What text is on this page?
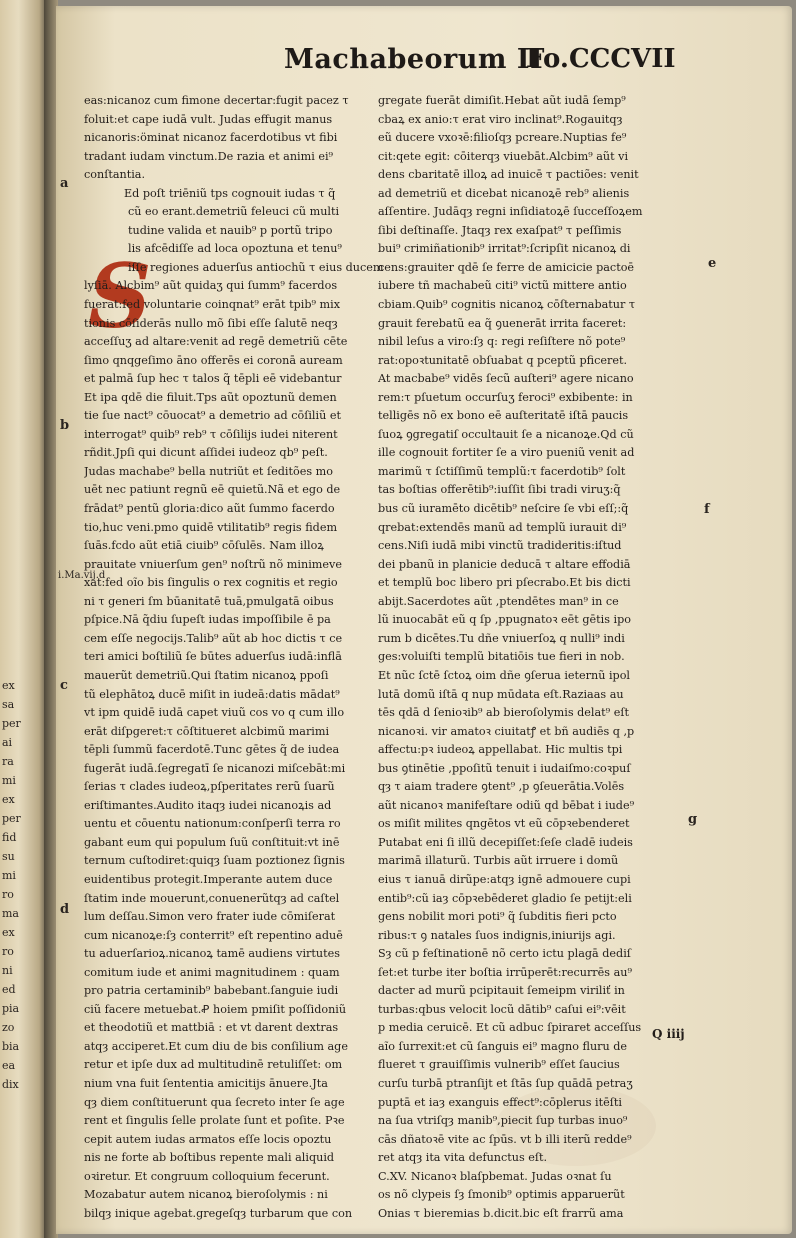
ex
sa
per
ai
ra
mi
ex
per
fid
su
mi
ro
ma
ex
ro
ni
ed
pia
zo
bia
ea
dix
Machabeorum II
Fo.CCCVII
S
eas:nicanoz cum fimone decertar:fugit pacez τ
foluit:et cape iudā vult. Judas effugit manus
nicanoris:öminat nicanoz facerdotibus vt fibi
tradant iudam vinctum.De razia et animi ei⁹
conſtantia.
Ed poſt triēniũ tps cognouit iudas τ q̃
cũ eo erant.demetriũ feleuci cũ multi
tudine valida et nauib⁹ p portũ tripo
lis afcēdiſſe ad loca opoztuna et tenu⁹
iſſe regiones aduerſus antiochũ τ eius ducem
lyſiā. Alcbim⁹ aũt quidaʒ qui ſumm⁹ facerdos
fuerat:fed voluntarie coinqnat⁹ erāt tpib⁹ mix
tionis cōſiderās nullo mõ ſibi eſſe ſalutē neqȝ
acceſſuʒ ad altare:venit ad regē demetriũ cēte
ſimo qnqgeſimo āno offerēs ei coronā auream
et palmā ſup hec τ talos q̃ tēpli eē videbantur
Et ipa qdē die filuit.Tps aũt opoztunũ demen
tie ſue nact⁹ cōuocat⁹ a demetrio ad cōſiliũ et
interrogat⁹ quib⁹ reb⁹ τ cōſilijs iudei niterent
rñdit.Jpſi qui dicunt aſſidei iudeoz qb⁹ peſt.
Judas machabe⁹ bella nutriũt et ſeditões mo
uēt nec patiunt regnũ eē quietũ.Nã et ego de
frādat⁹ pentũ gloria:dico aũt ſummo facerdo
tio,huc veni.pmo quidē vtilitatib⁹ regis fidem
ſuās.fcdo aũt etiā ciuib⁹ cōſulēs. Nam illoꝝ
prauitate vniuerſum gen⁹ noſtrũ nõ minimeve
xat:fed oĩo bis ſingulis o rex cognitis et regio
ni τ generi ſm būanitatē tuā,pmulgatā oibus
pſpice.Nā q̃diu ſupeſt iudas impoſſibile ē pa
cem eſſe negocijs.Talib⁹ aũt ab hoc dictis τ ce
teri amici boſtiliũ ſe būtes aduerſus iudā:inflā
mauerũt demetriũ.Qui ſtatim nicanoꝝ ppoſi
tũ elephātoꝝ ducē miſit in iudeā:datis mādat⁹
vt ipm quidē iudā capet viuũ cos vo q cum illo
erāt diſpgeret:τ cōſtitueret alcbimũ marimi
tēpli ſummũ facerdotē.Tunc gētes q̃ de iudea
fugerāt iudā.ſegregatī ſe nicanozi miſcebāt:mi
ſerias τ clades iudeoꝝ,pſperitates rerũ ſuarũ
eriſtimantes.Audito itaqȝ iudei nicanoꝝis ad
uentu et cōuentu nationum:conſperſi terra ro
gabant eum qui populum ſuũ conſtituit:vt inē
ternum cuſtodiret:quiqȝ ſuam poztionez ſignis
euidentibus protegit.Imperante autem duce
ſtatim inde mouerunt,conuenerũtqȝ ad caſtel
lum deſſau.Simon vero frater iude cōmiſerat
cum nicanoꝝe:ſȝ conterrit⁹ eſt repentino aduē
tu aduerſarioꝝ.nicanoꝝ tamē audiens virtutes
comitum iude et animi magnitudinem : quam
pro patria certaminib⁹ babebant.ſanguie iudi
ciũ facere metuebat.Ꝓ hoiem pmiſit poſſidoniũ
et theodotiũ et mattbiā : et vt darent dextras
atqȝ acciperet.Et cum diu de bis conſilium age
retur et ipſe dux ad multitudinē retuliſſet: om
nium vna fuit ſententia amicitijs ānuere.Jta
qȝ diem conſtituerunt qua ſecreto inter ſe age
rent et ſingulis ſelle prolate ſunt et poſite. Pꝛe
cepit autem iudas armatos eſſe locis opoztu
nis ne forte ab boſtibus repente mali aliquid
oꝛiretur. Et congruum colloquium fecerunt.
Mozabatur autem nicanoꝝ bieroſolymis : ni
bilqȝ inique agebat.gregeſqȝ turbarum que con
gregate fuerāt dimiſit.Hebat aũt iudā ſemp⁹
cbaꝝ ex anio:τ erat viro inclinat⁹.Rogauitqȝ
eũ ducere vxoꝛē:filioſqȝ pcreare.Nuptias fe⁹
cit:qete egit: cōiterqȝ viuebāt.Alcbim⁹ aũt vi
dens cbaritatē illoꝝ ad inuicē τ pactiões: venit
ad demetriũ et dicebat nicanoꝝē reb⁹ alienis
aſſentire. Judāqȝ regni inſidiatoꝝē ſucceſſoꝝem
ſibi deſtinaſſe. Jtaqȝ rex exaſpat⁹ τ peſſimis
bui⁹ crimiñationib⁹ irritat⁹:ſcripſit nicanoꝝ di
cens:grauiter qdē ſe ferre de amicicie pactoē
iubere tñ machabeũ citi⁹ victũ mittere antio
cbiam.Quib⁹ cognitis nicanoꝝ cōſternabatur τ
grauit ferebatũ ea q̃ ꝯuenerāt irrita faceret:
nibil leſus a viro:ſȝ q: regi reſiſtere nõ pote⁹
rat:opoꝛtunitatē obſuabat q pceptũ pficeret.
At macbabe⁹ vidēs ſecũ auſteri⁹ agere nicano
rem:τ pſuetum occurſuʒ feroci⁹ exbibente: in
telligēs nõ ex bono eē auſteritatē iſtā paucis
ſuoꝝ ꝯgregatiſ occultauit ſe a nicanoꝝe.Qd cũ
ille cognouit fortiter ſe a viro pueniũ venit ad
marimũ τ ſctiſſimũ templũ:τ facerdotib⁹ ſolt
tas boſtias offerētib⁹:iuſſit ſibi tradi viruʒ:q̃
bus cũ iuramēto dicētib⁹ neſcire ſe vbi eſſ;:q̃
qrebat:extendēs manũ ad templũ iurauit di⁹
cens.Niſi iudā mibi vinctũ tradideritis:iſtud
dei pbanũ in planicie deducā τ altare effodiā
et templũ boc libero pri pſecrabo.Et bis dicti
abijt.Sacerdotes aũt ,ptendētes man⁹ in ce
lũ inuocabāt eũ q ſp ,ppugnatoꝛ eēt gētis ipo
rum b dicētes.Tu dñe vniuerſoꝝ q nulli⁹ indi
ges:voluiſti templũ bitatiōis tue fieri in nob.
Et nũc ſctē ſctoꝝ oim dñe ꝯſerua ieternũ ipol
lutā domũ iſtā q nup mūdata eſt.Raziaas au
tēs qdā d ſenioꝛib⁹ ab bieroſolymis delat⁹ eſt
nicanoꝛi. vir amatoꝛ ciuitatꝭ et bñ audiēs q ,p
affectu:pꝛ iudeoꝝ appellabat. Hic multis tpi
bus ꝯtinētie ,ppoſitũ tenuit i iudaiſmo:coꝛpuſ
qȝ τ aiam tradere ꝯtent⁹ ,p ꝯſeuerātia.Volēs
aũt nicanoꝛ manifeſtare odiũ qd bēbat i iude⁹
os miſit milites qngētos vt eũ cōpꝛebenderet
Putabat eni ſi illũ decepiſſet:ſeſe cladē iudeis
marimā illaturũ. Turbis aũt irruere i domũ
eius τ ianuā dirũpe:atqȝ ignē admouere cupi
entib⁹:cũ iaȝ cōpꝛebēderet gladio ſe petijt:eli
gens nobilit mori poti⁹ q̃ ſubditis fieri pcto
ribus:τ ꝯ natales ſuos indignis,iniurijs agi.
Sȝ cũ p feſtinationē nõ certo ictu plagā dediſ
ſet:et turbe iter boſtia irrūperēt:recurrēs au⁹
dacter ad murũ pcipitauit ſemeipm viriliť in
turbas:qbus velocit locũ dātib⁹ caſui ei⁹:vēit
p media ceruicē. Et cũ adbuc ſpiraret acceſſus
aĩo ſurrexit:et cũ ſanguis ei⁹ magno fluru de
flueret τ grauiſſimis vulnerib⁹ eſſet ſaucius
curſu turbā ptranſijt et ſtās ſup quādā petraʒ
puptā et iaȝ exanguis effect⁹:cōplerus itēſti
na ſua vtriſqȝ manib⁹,piecit ſup turbas inuo⁹
cās dñatoꝛē vite ac ſpūs. vt b illi iterũ redde⁹
ret atqȝ ita vita defunctus eſt.
C.XV. Nicanoꝛ blaſpbemat. Judas oꝛnat ſu
os nõ clypeis ſȝ ſmonib⁹ optimis apparuerũt
Onias τ bieremias b.dicit.bic eſt frarrũ ama
a
b
i.Ma.vij.d
c
d
e
f
g
Q iiij
